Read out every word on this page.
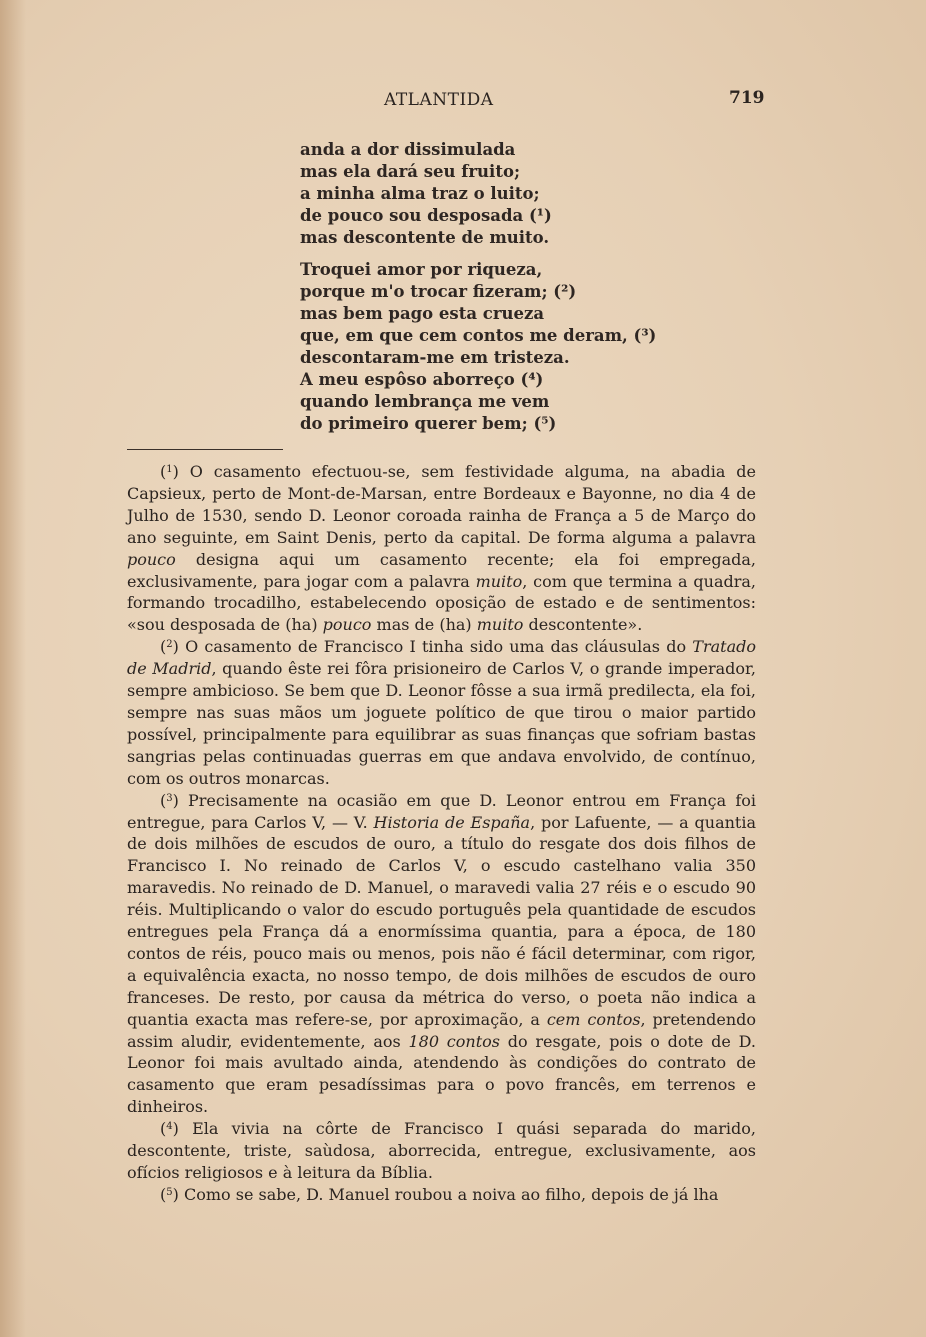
ATLANTIDA	719
anda a dor dissimulada
mas ela dará seu fruito;
a minha alma traz o luito;
de pouco sou desposada (¹)
mas descontente de muito.
Troquei amor por riqueza,
porque m'o trocar fizeram; (²)
mas bem pago esta crueza
que, em que cem contos me deram, (³)
descontaram-me em tristeza.
A meu espôso aborreço (⁴)
quando lembrança me vem
do primeiro querer bem; (⁵)

($^1$) O casamento efectuou-se, sem festividade alguma, na abadia de Capsieux, perto de Mont-de-Marsan, entre Bordeaux e Bayonne, no dia 4 de Julho de 1530, sendo D. Leonor coroada rainha de França a 5 de Março do ano seguinte, em Saint Denis, perto da capital. De forma alguma a palavra pouco designa aqui um casamento recente; ela foi empregada, exclusivamente, para jogar com a palavra muito, com que termina a quadra, formando trocadilho, estabelecendo oposição de estado e de sentimentos: «sou desposada de (ha) pouco mas de (ha) muito descontente».

($^2$) O casamento de Francisco I tinha sido uma das cláusulas do Tratado de Madrid, quando êste rei fôra prisioneiro de Carlos V, o grande imperador, sempre ambicioso. Se bem que D. Leonor fôsse a sua irmã predilecta, ela foi, sempre nas suas mãos um joguete político de que tirou o maior partido possível, principalmente para equilibrar as suas finanças que sofriam bastas sangrias pelas continuadas guerras em que andava envolvido, de contínuo, com os outros monarcas.

($^3$) Precisamente na ocasião em que D. Leonor entrou em França foi entregue, para Carlos V, — V. Historia de España, por Lafuente, — a quantia de dois milhões de escudos de ouro, a título do resgate dos dois filhos de Francisco I. No reinado de Carlos V, o escudo castelhano valia 350 maravedis. No reinado de D. Manuel, o maravedi valia 27 réis e o escudo 90 réis. Multiplicando o valor do escudo português pela quantidade de escudos entregues pela França dá a enormíssima quantia, para a época, de 180 contos de réis, pouco mais ou menos, pois não é fácil determinar, com rigor, a equivalência exacta, no nosso tempo, de dois milhões de escudos de ouro franceses. De resto, por causa da métrica do verso, o poeta não indica a quantia exacta mas refere-se, por aproximação, a cem contos, pretendendo assim aludir, evidentemente, aos 180 contos do resgate, pois o dote de D. Leonor foi mais avultado ainda, atendendo às condições do contrato de casamento que eram pesadíssimas para o povo francês, em terrenos e dinheiros.

($^4$) Ela vivia na côrte de Francisco I quási separada do marido, descontente, triste, saùdosa, aborrecida, entregue, exclusivamente, aos ofícios religiosos e à leitura da Bíblia.

($^5$) Como se sabe, D. Manuel roubou a noiva ao filho, depois de já lha
